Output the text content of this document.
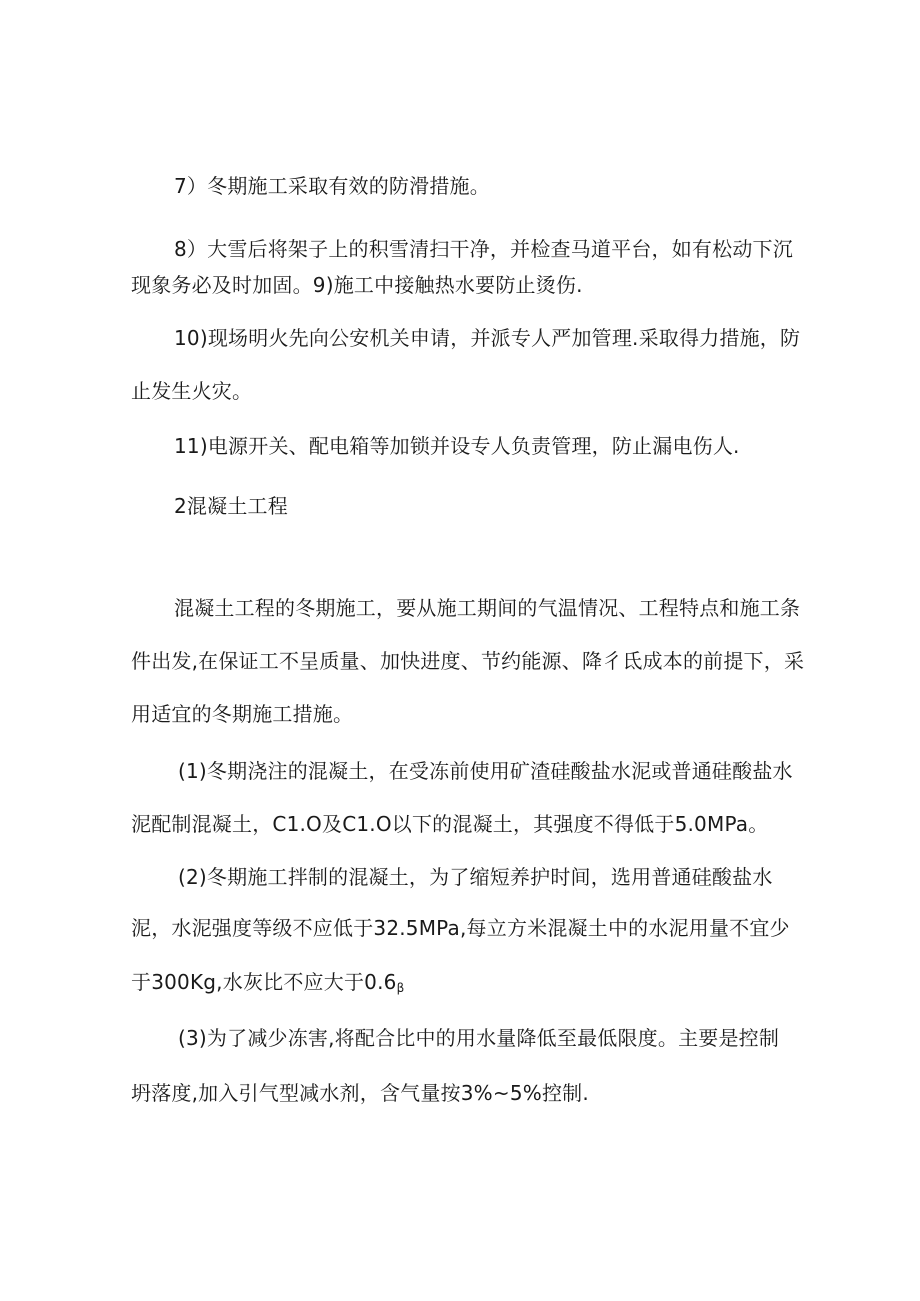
7）冬期施工采取有效的防滑措施。
8）大雪后将架子上的积雪清扫干净，并检查马道平台，如有松动下沉
现象务必及时加固。9)施工中接触热水要防止烫伤.
10)现场明火先向公安机关申请，并派专人严加管理.采取得力措施，防
止发生火灾。
11)电源开关、配电箱等加锁并设专人负责管理，防止漏电伤人.
2混凝土工程
混凝土工程的冬期施工，要从施工期间的气温情况、工程特点和施工条
件出发,在保证工不呈质量、加快进度、节约能源、降彳氐成本的前提下，采
用适宜的冬期施工措施。
(1)冬期浇注的混凝土，在受冻前使用矿渣硅酸盐水泥或普通硅酸盐水
泥配制混凝土，C1.O及C1.O以下的混凝土，其强度不得低于5.0MPa。
(2)冬期施工拌制的混凝土，为了缩短养护时间，选用普通硅酸盐水
泥，水泥强度等级不应低于32.5MPa,每立方米混凝土中的水泥用量不宜少
于300Kg,水灰比不应大于$0.6_\beta$
(3)为了减少冻害,将配合比中的用水量降低至最低限度。主要是控制
坍落度,加入引气型减水剂，含气量按3%~5%控制.
